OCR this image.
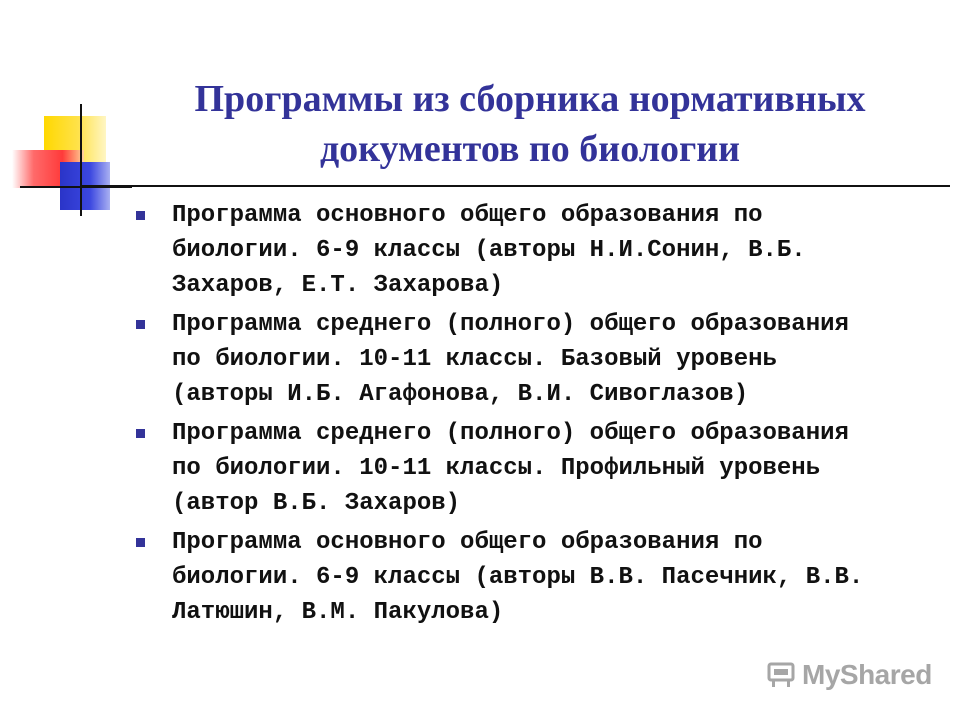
Программы из сборника нормативных
документов по биологии
Программа основного общего образования по
биологии. 6-9 классы (авторы Н.И.Сонин, В.Б.
Захаров, Е.Т. Захарова)
Программа среднего (полного) общего образования
по биологии. 10-11 классы. Базовый уровень
(авторы И.Б. Агафонова, В.И. Сивоглазов)
Программа среднего (полного) общего образования
по биологии. 10-11 классы. Профильный уровень
(автор В.Б. Захаров)
Программа основного общего образования по
биологии. 6-9 классы (авторы В.В. Пасечник, В.В.
Латюшин, В.М. Пакулова)
MyShared
